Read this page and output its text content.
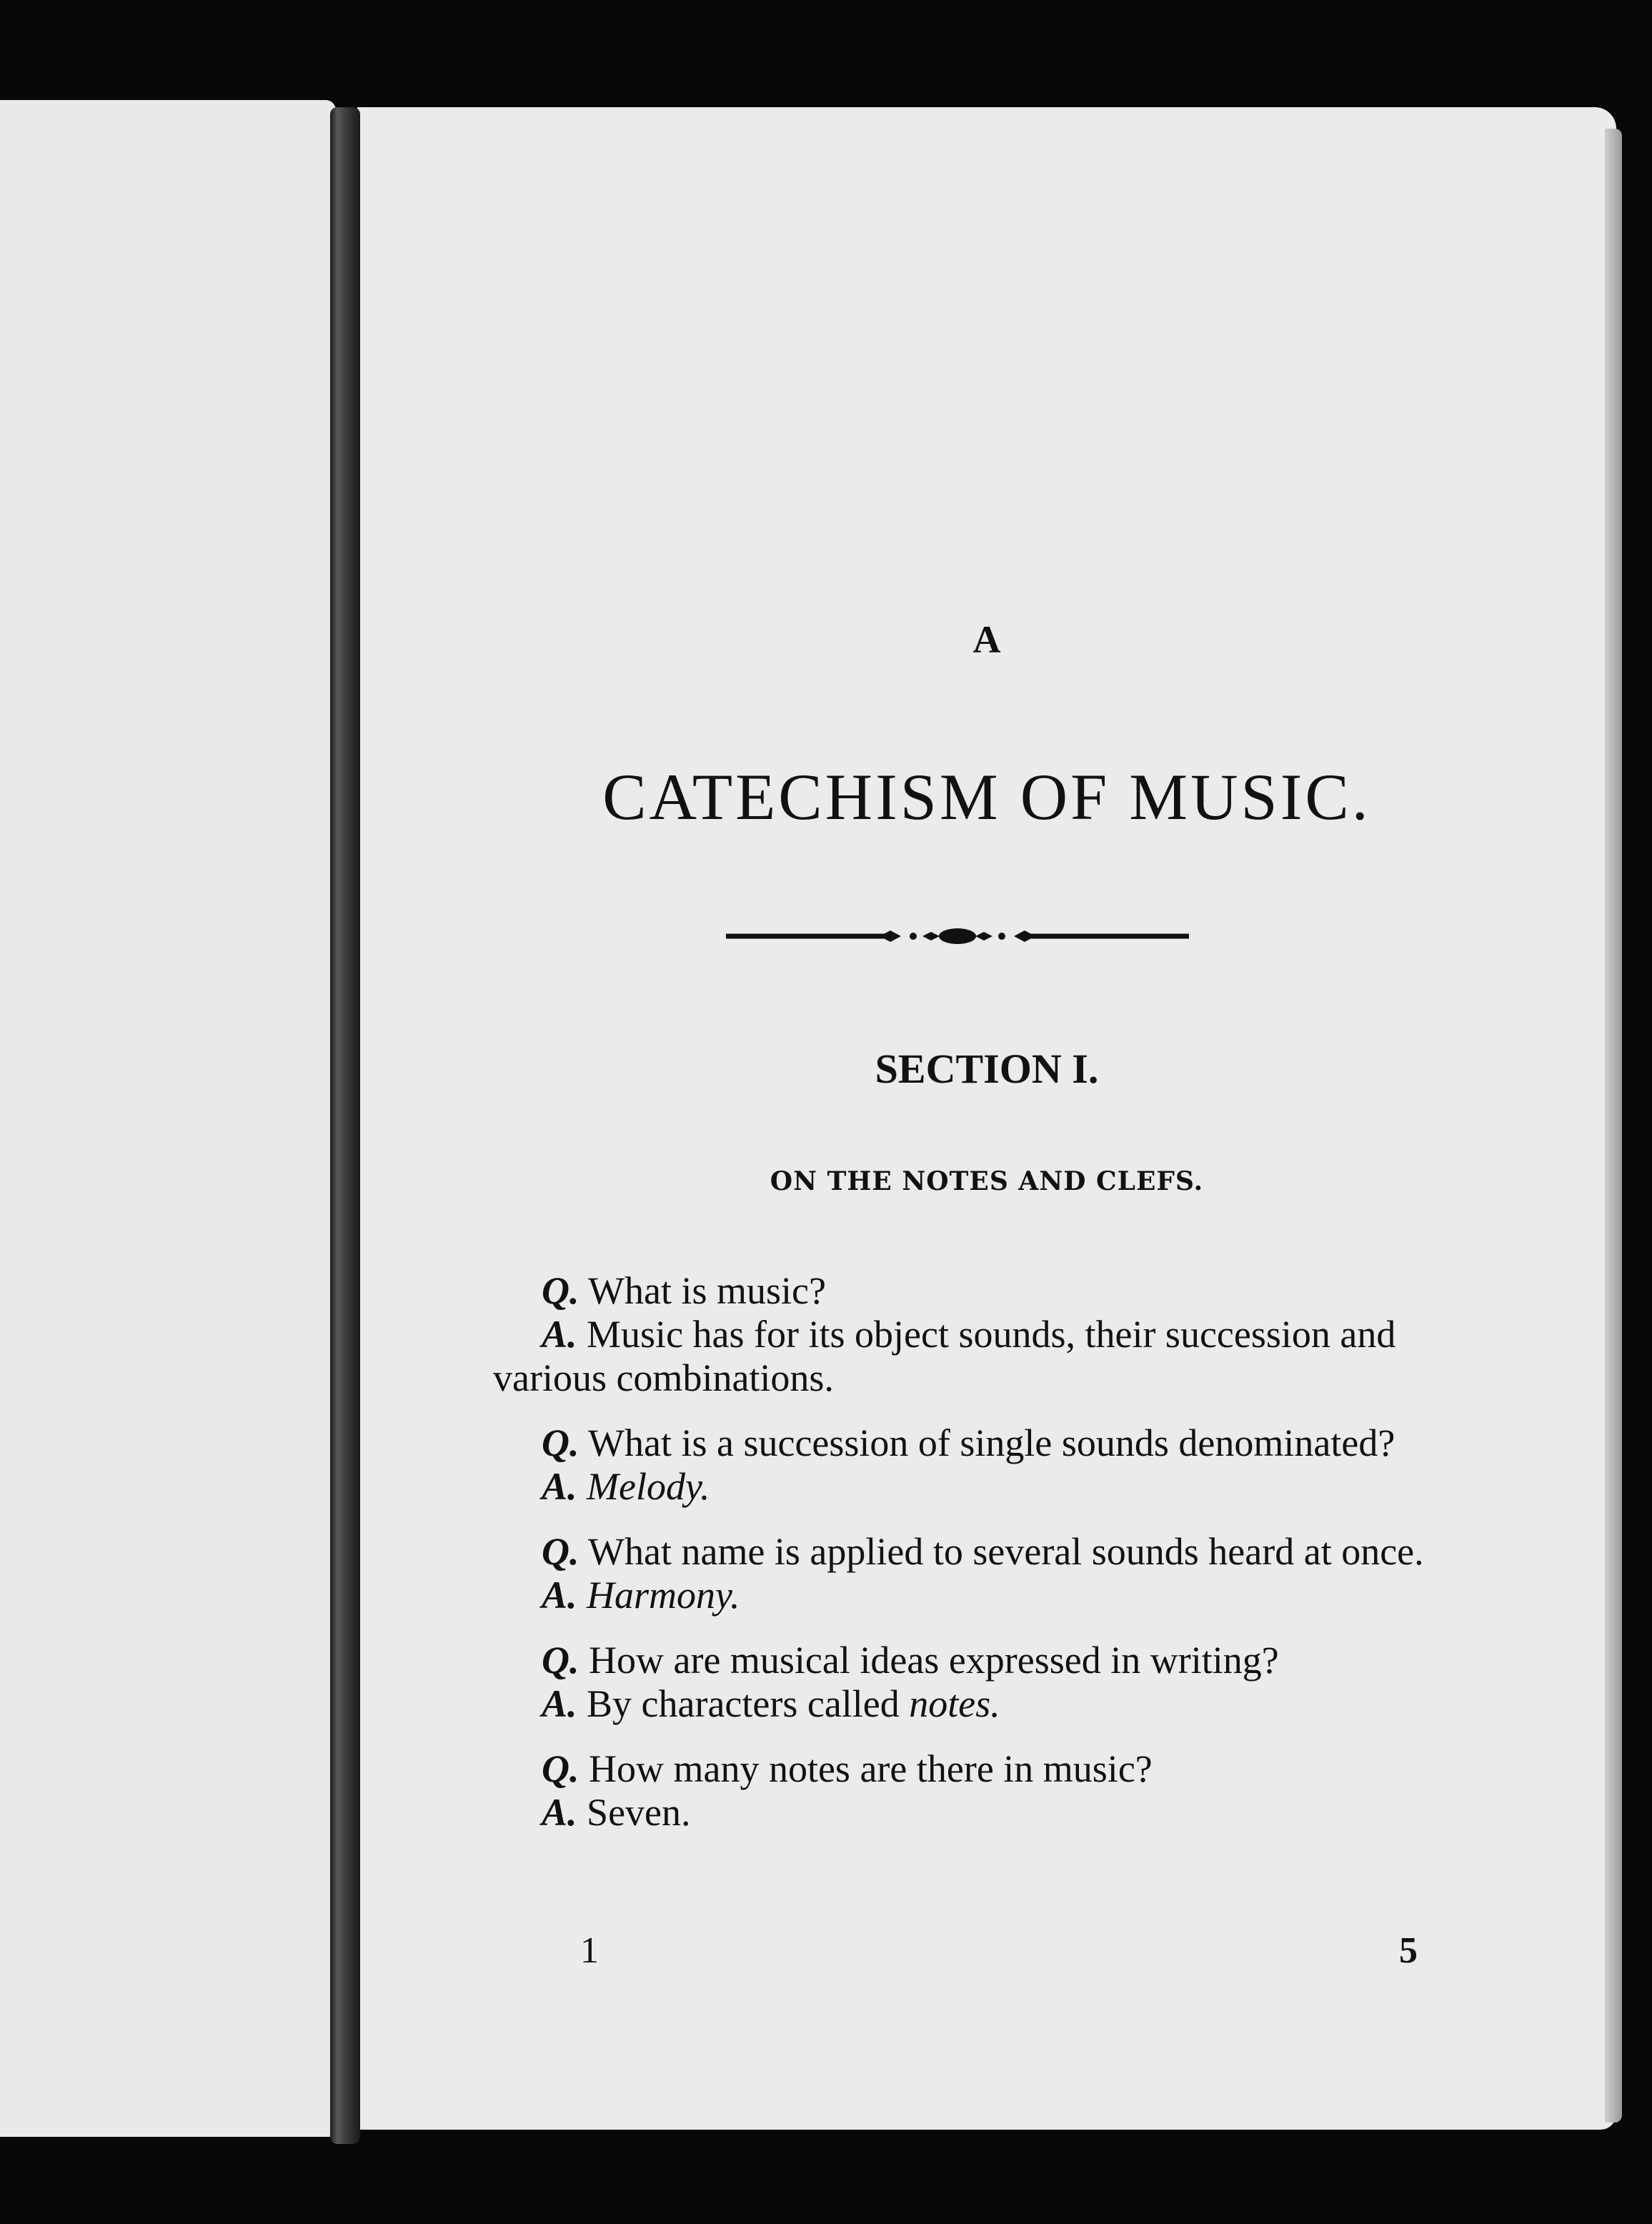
A

CATECHISM OF MUSIC.

SECTION I.

ON THE NOTES AND CLEFS.

Q. What is music?

A. Music has for its object sounds, their succession and various combinations.

Q. What is a succession of single sounds denominated?

A. Melody.

Q. What name is applied to several sounds heard at once.

A. Harmony.

Q. How are musical ideas expressed in writing?

A. By characters called notes.

Q. How many notes are there in music?

A. Seven.

1	5
